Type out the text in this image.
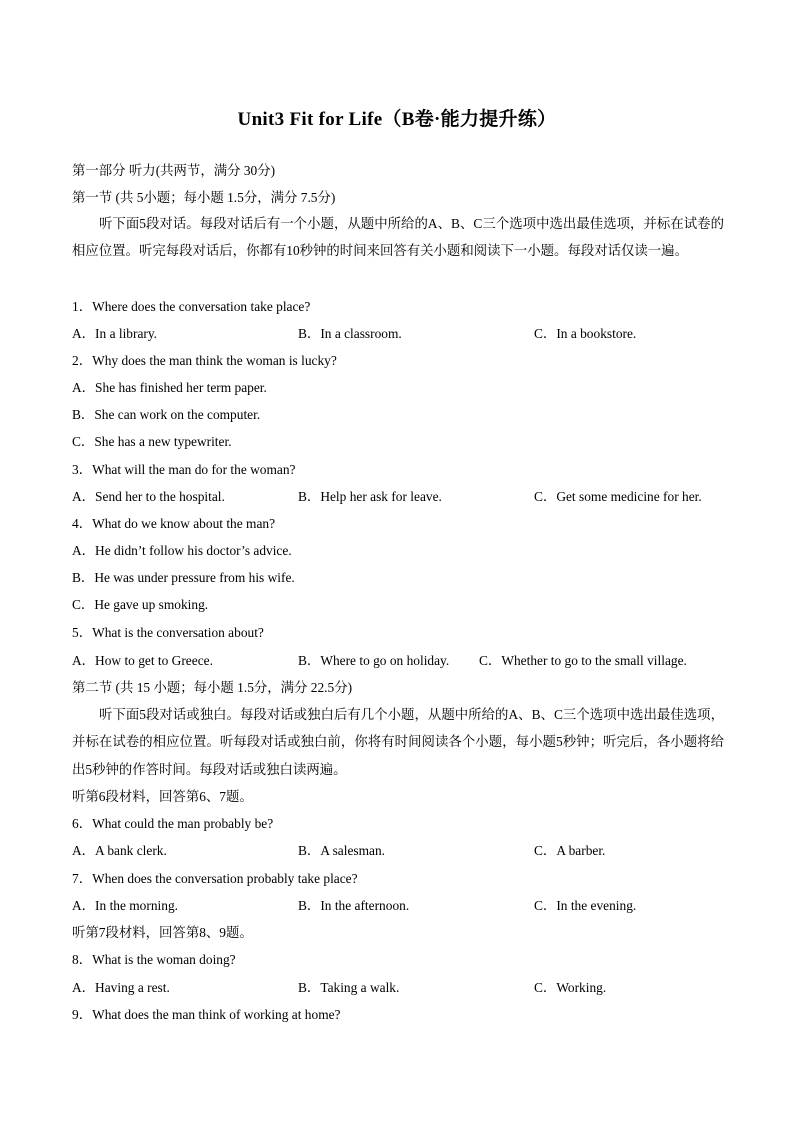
Unit3 Fit for Life（B卷·能力提升练）
第一部分 听力(共两节，满分 30分)
第一节 (共 5小题；每小题 1.5分，满分 7.5分)
听下面5段对话。每段对话后有一个小题，从题中所给的A、B、C三个选项中选出最佳选项，并标在试卷的相应位置。听完每段对话后，你都有10秒钟的时间来回答有关小题和阅读下一小题。每段对话仅读一遍。
1．Where does the conversation take place?
A．In a library.	B．In a classroom.	C．In a bookstore.
2．Why does the man think the woman is lucky?
A．She has finished her term paper.
B．She can work on the computer.
C．She has a new typewriter.
3．What will the man do for the woman?
A．Send her to the hospital.	B．Help her ask for leave.	C．Get some medicine for her.
4．What do we know about the man?
A．He didn’t follow his doctor’s advice.
B．He was under pressure from his wife.
C．He gave up smoking.
5．What is the conversation about?
A．How to get to Greece.	B．Where to go on holiday. C．Whether to go to the small village.
第二节 (共 15 小题；每小题 1.5分，满分 22.5分)
听下面5段对话或独白。每段对话或独白后有几个小题，从题中所给的A、B、C三个选项中选出最佳选项，并标在试卷的相应位置。听每段对话或独白前，你将有时间阅读各个小题，每小题5秒钟；听完后，各小题将给出5秒钟的作答时间。每段对话或独白读两遍。
听第6段材料，回答第6、7题。
6．What could the man probably be?
A．A bank clerk.	B．A salesman.	C．A barber.
7．When does the conversation probably take place?
A．In the morning.	B．In the afternoon.	C．In the evening.
听第7段材料，回答第8、9题。
8．What is the woman doing?
A．Having a rest.	B．Taking a walk.	C．Working.
9．What does the man think of working at home?
